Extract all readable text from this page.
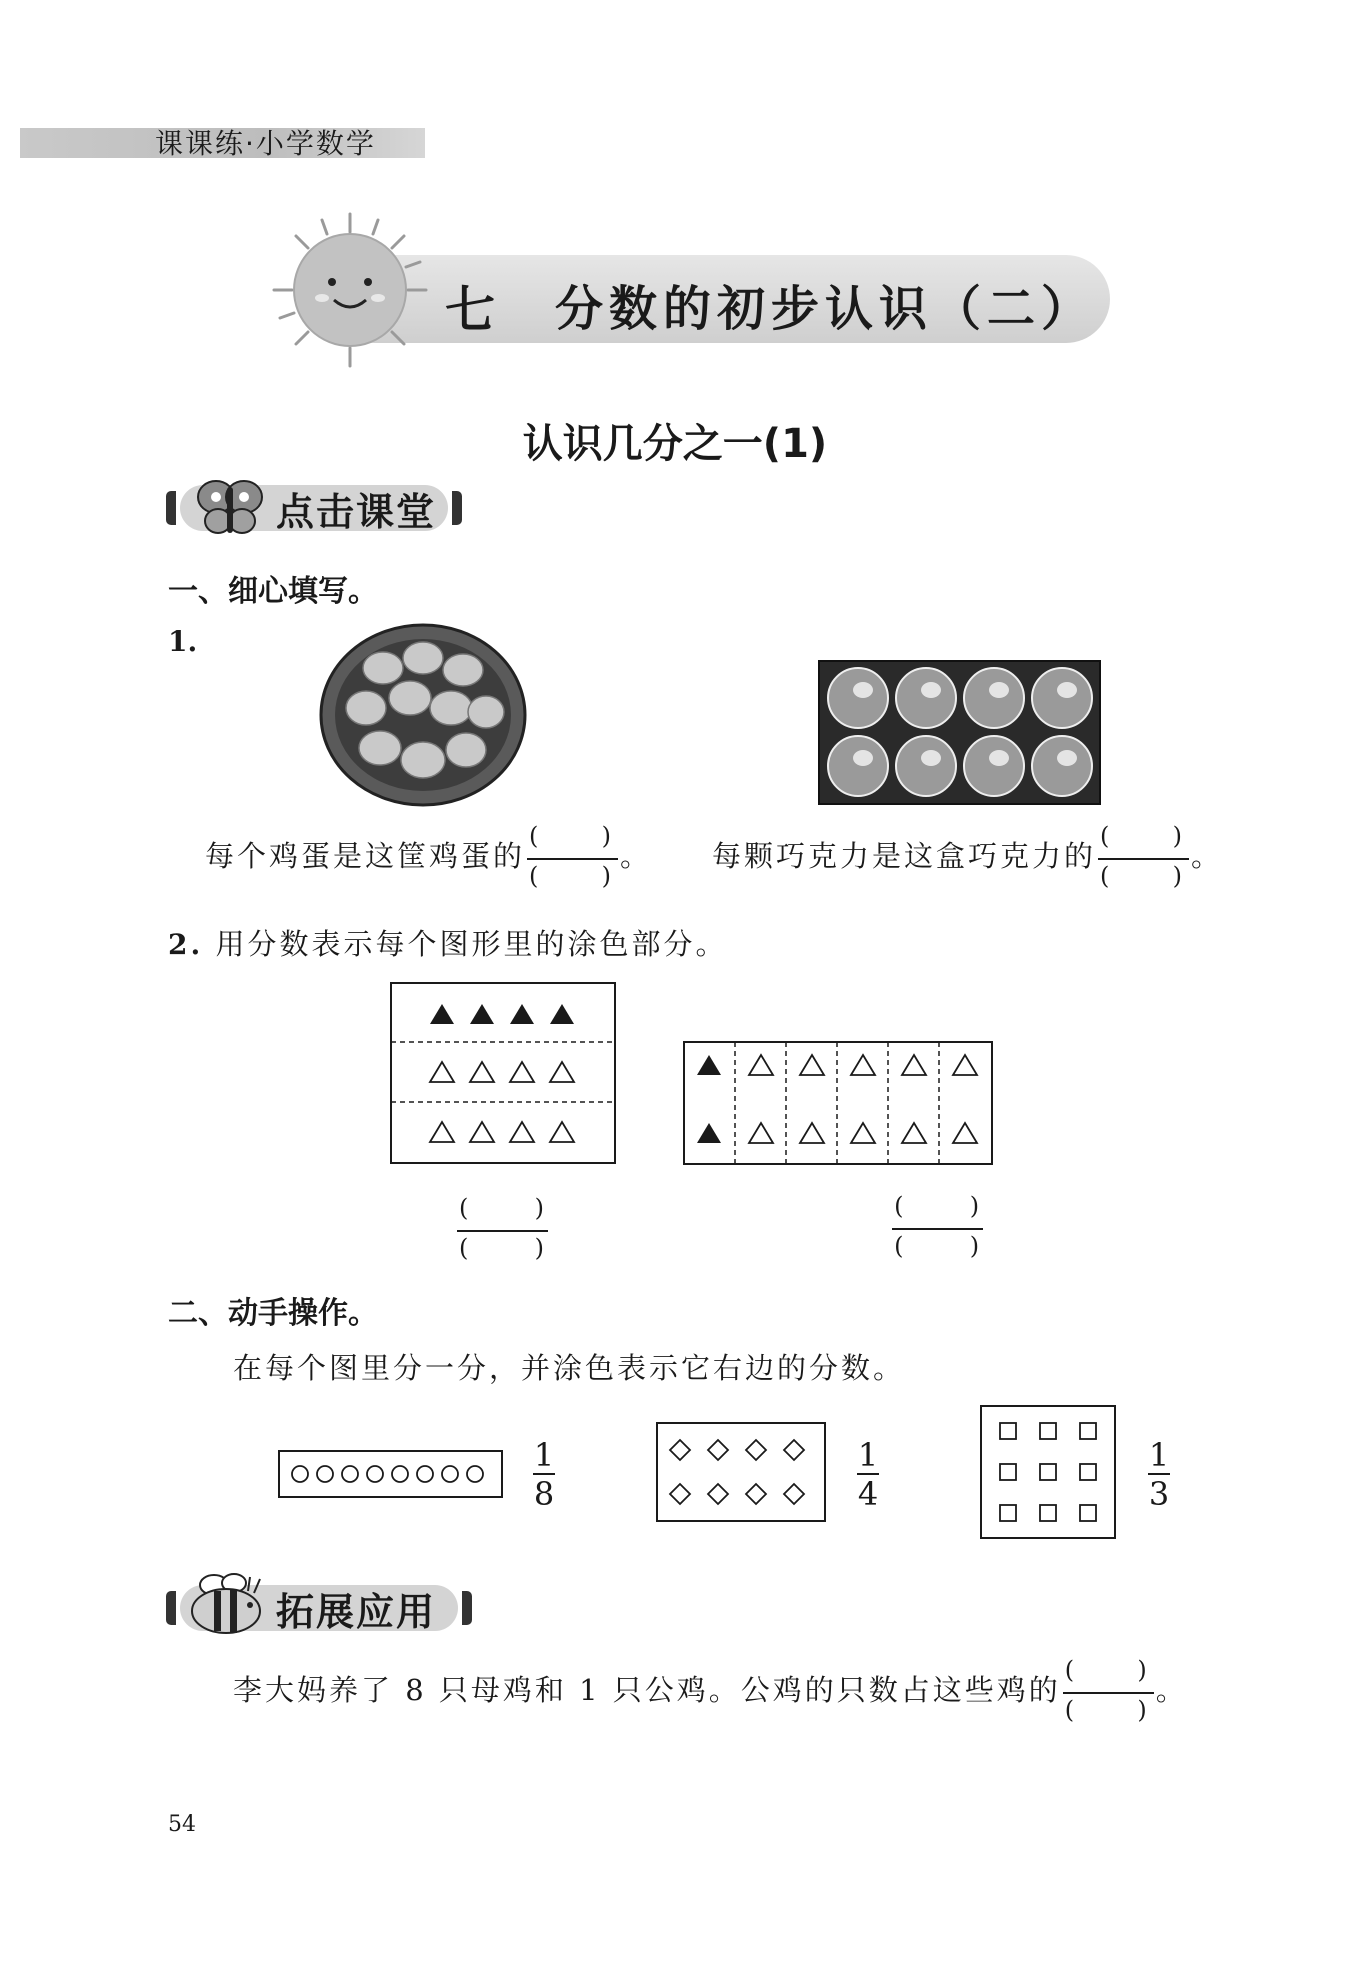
课课练·小学数学
七 分数的初步认识（二）
认识几分之一(1)
点击课堂
一、细心填写。
1.
每个鸡蛋是这筐鸡蛋的
(	)
(	)
。 每颗巧克力是这盒巧克力的
(	)
(	)
。
2. 用分数表示每个图形里的涂色部分。
(	)
(	)

(	)
(	)
二、动手操作。
在每个图里分一分，并涂色表示它右边的分数。
1
8
1
4
1
3
拓展应用
李大妈养了 8 只母鸡和 1 只公鸡。公鸡的只数占这些鸡的
(	)
(	)
。
54
